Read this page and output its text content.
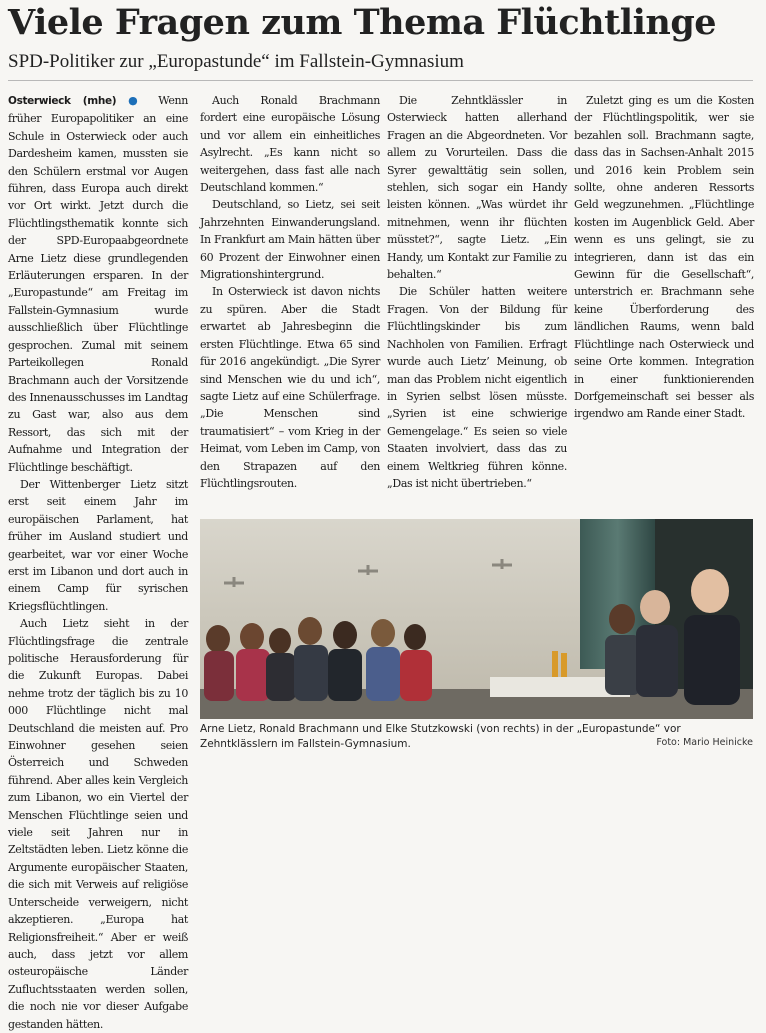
Viele Fragen zum Thema Flüchtlinge
SPD-Politiker zur „Europastunde“ im Fallstein-Gymnasium

Osterwieck (mhe) ● Wenn früher Europapolitiker an eine Schule in Osterwieck oder auch Dardesheim kamen, mussten sie den Schülern erstmal vor Augen führen, dass Europa auch direkt vor Ort wirkt. Jetzt durch die Flüchtlingsthematik konnte sich der SPD-Europaabgeordnete Arne Lietz diese grundlegenden Erläuterungen ersparen. In der „Europastunde“ am Freitag im Fallstein-Gymnasium wurde ausschließlich über Flüchtlinge gesprochen. Zumal mit seinem Parteikollegen Ronald Brachmann auch der Vorsitzende des Innenausschusses im Landtag zu Gast war, also aus dem Ressort, das sich mit der Aufnahme und Integration der Flüchtlinge beschäftigt.

Der Wittenberger Lietz sitzt erst seit einem Jahr im europäischen Parlament, hat früher im Ausland studiert und gearbeitet, war vor einer Woche erst im Libanon und dort auch in einem Camp für syrischen Kriegsflüchtlingen.

Auch Lietz sieht in der Flüchtlingsfrage die zentrale politische Herausforderung für die Zukunft Europas. Dabei nehme trotz der täglich bis zu 10 000 Flüchtlinge nicht mal Deutschland die meisten auf. Pro Einwohner gesehen seien Österreich und Schweden führend. Aber alles kein Vergleich zum Libanon, wo ein Viertel der Menschen Flüchtlinge seien und viele seit Jahren nur in Zeltstädten leben. Lietz könne die Argumente europäischer Staaten, die sich mit Verweis auf religiöse Unterscheide verweigern, nicht akzeptieren. „Europa hat Religionsfreiheit.“ Aber er weiß auch, dass jetzt vor allem osteuropäische Länder Zufluchtsstaaten werden sollen, die noch nie vor dieser Aufgabe gestanden hätten.

Auch Ronald Brachmann fordert eine europäische Lösung und vor allem ein einheitliches Asylrecht. „Es kann nicht so weitergehen, dass fast alle nach Deutschland kommen.“

Deutschland, so Lietz, sei seit Jahrzehnten Einwanderungsland. In Frankfurt am Main hätten über 60 Prozent der Einwohner einen Migrationshintergrund.

In Osterwieck ist davon nichts zu spüren. Aber die Stadt erwartet ab Jahresbeginn die ersten Flüchtlinge. Etwa 65 sind für 2016 angekündigt. „Die Syrer sind Menschen wie du und ich“, sagte Lietz auf eine Schülerfrage. „Die Menschen sind traumatisiert“ – vom Krieg in der Heimat, vom Leben im Camp, von den Strapazen auf den Flüchtlingsrouten.

Die Zehntklässler in Osterwieck hatten allerhand Fragen an die Abgeordneten. Vor allem zu Vorurteilen. Dass die Syrer gewalttätig sein sollen, stehlen, sich sogar ein Handy leisten können. „Was würdet ihr mitnehmen, wenn ihr flüchten müsstet?“, sagte Lietz. „Ein Handy, um Kontakt zur Familie zu behalten.“

Die Schüler hatten weitere Fragen. Von der Bildung für Flüchtlingskinder bis zum Nachholen von Familien. Erfragt wurde auch Lietz’ Meinung, ob man das Problem nicht eigentlich in Syrien selbst lösen müsste. „Syrien ist eine schwierige Gemengelage.“ Es seien so viele Staaten involviert, dass das zu einem Weltkrieg führen könne. „Das ist nicht übertrieben.“

Zuletzt ging es um die Kosten der Flüchtlingspolitik, wer sie bezahlen soll. Brachmann sagte, dass das in Sachsen-Anhalt 2015 und 2016 kein Problem sein sollte, ohne anderen Ressorts Geld wegzunehmen. „Flüchtlinge kosten im Augenblick Geld. Aber wenn es uns gelingt, sie zu integrieren, dann ist das ein Gewinn für die Gesellschaft“, unterstrich er. Brachmann sehe keine Überforderung des ländlichen Raums, wenn bald Flüchtlinge nach Osterwieck und seine Orte kommen. Integration in einer funktionierenden Dorfgemeinschaft sei besser als irgendwo am Rande einer Stadt.

Arne Lietz, Ronald Brachmann und Elke Stutzkowski (von rechts) in der „Europastunde“ vor Zehntklässlern im Fallstein-Gymnasium.	Foto: Mario Heinicke
